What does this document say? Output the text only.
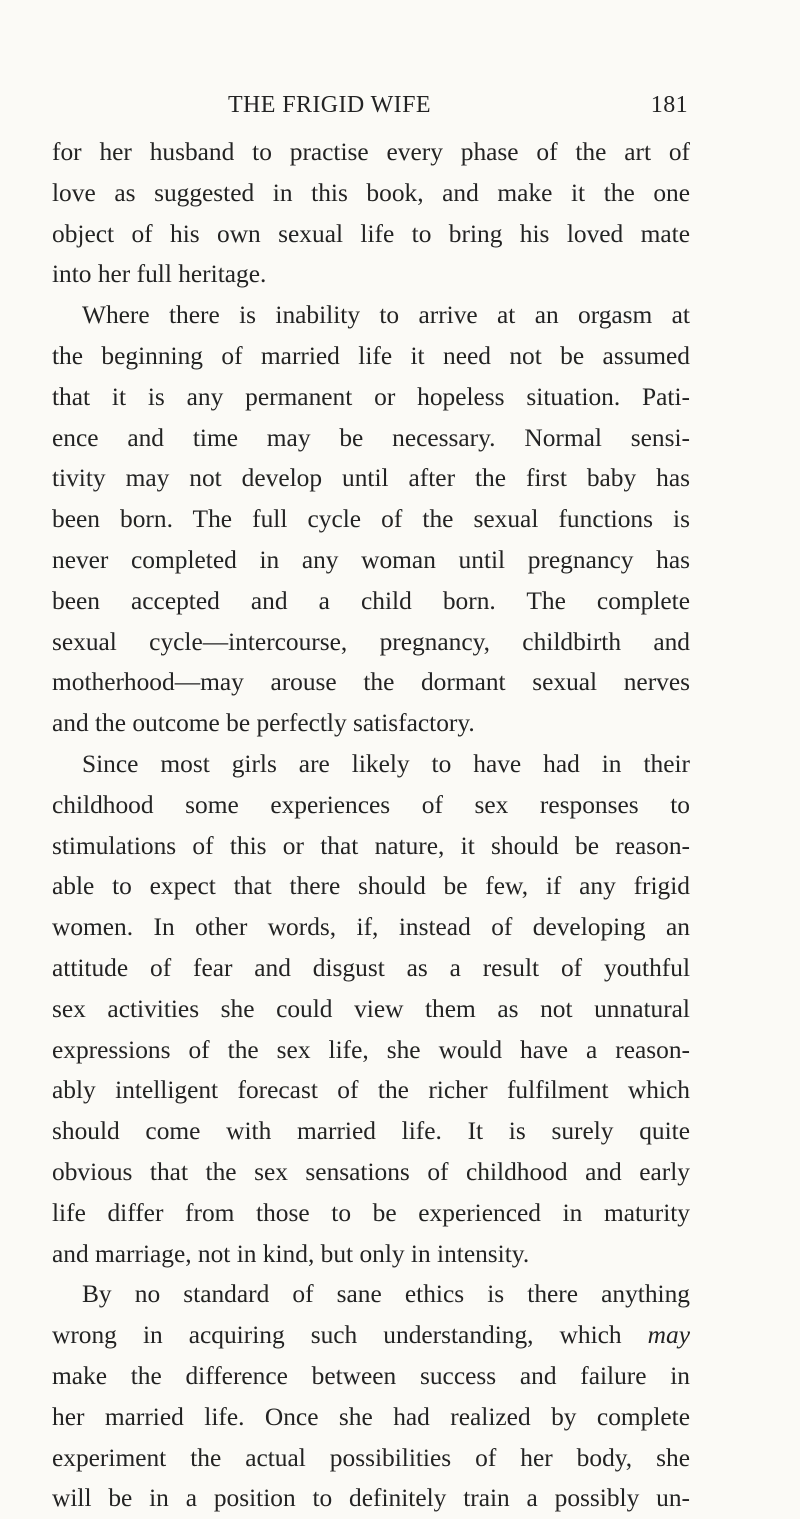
THE FRIGID WIFE	181
for her husband to practise every phase of the art of
love as suggested in this book, and make it the one
object of his own sexual life to bring his loved mate
into her full heritage.
Where there is inability to arrive at an orgasm at
the beginning of married life it need not be assumed
that it is any permanent or hopeless situation. Pati-
ence and time may be necessary. Normal sensi-
tivity may not develop until after the first baby has
been born. The full cycle of the sexual functions is
never completed in any woman until pregnancy has
been accepted and a child born. The complete
sexual cycle—intercourse, pregnancy, childbirth and
motherhood—may arouse the dormant sexual nerves
and the outcome be perfectly satisfactory.
Since most girls are likely to have had in their
childhood some experiences of sex responses to
stimulations of this or that nature, it should be reason-
able to expect that there should be few, if any frigid
women. In other words, if, instead of developing an
attitude of fear and disgust as a result of youthful
sex activities she could view them as not unnatural
expressions of the sex life, she would have a reason-
ably intelligent forecast of the richer fulfilment which
should come with married life. It is surely quite
obvious that the sex sensations of childhood and early
life differ from those to be experienced in maturity
and marriage, not in kind, but only in intensity.
By no standard of sane ethics is there anything
wrong in acquiring such understanding, which may
make the difference between success and failure in
her married life. Once she had realized by complete
experiment the actual possibilities of her body, she
will be in a position to definitely train a possibly un-
